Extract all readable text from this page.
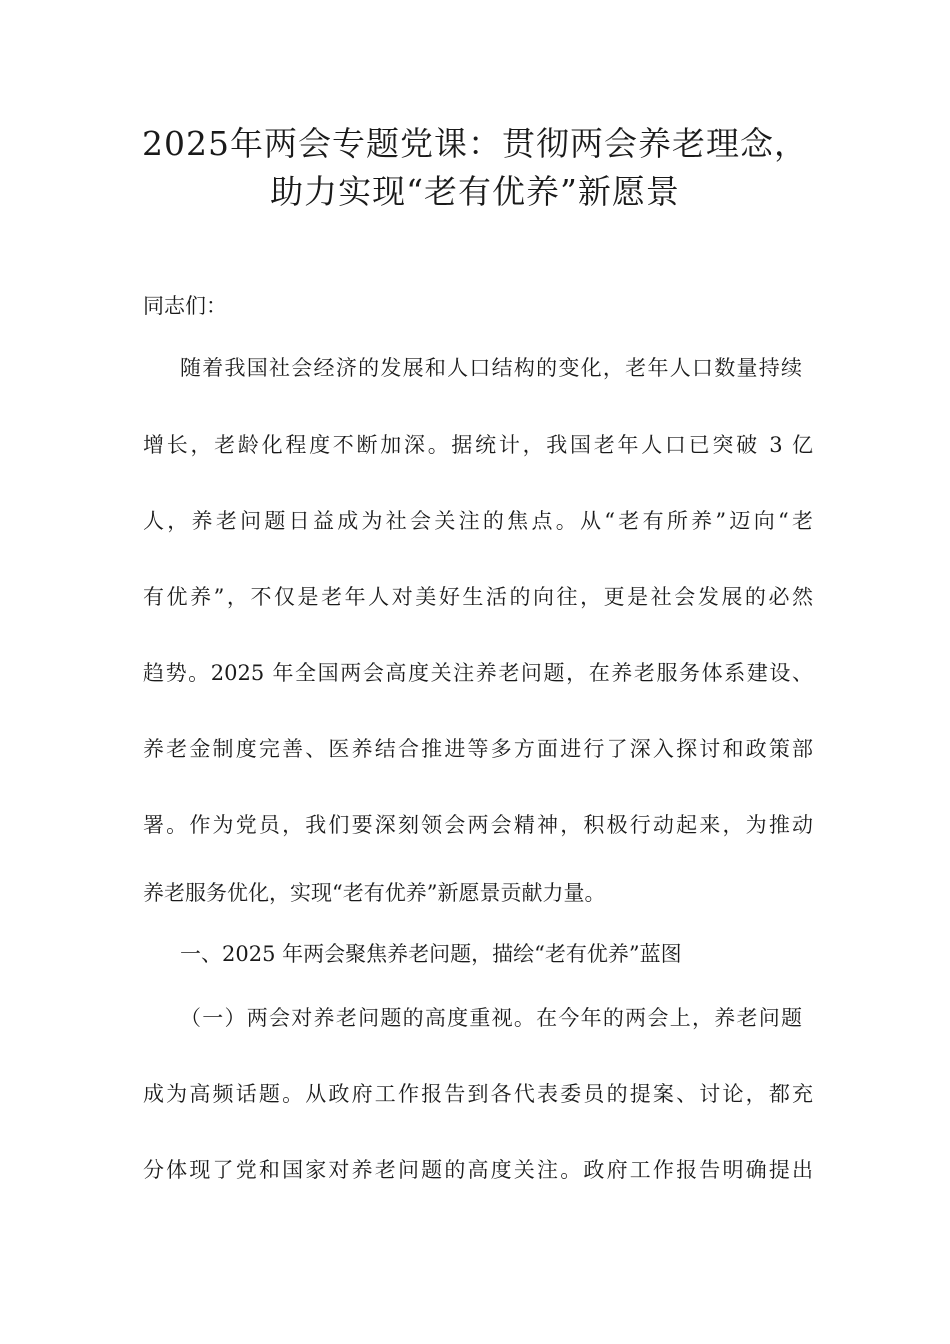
2025年两会专题党课：贯彻两会养老理念，
助力实现“老有优养”新愿景
同志们：
随着我国社会经济的发展和人口结构的变化，老年人口数量持续
增长，老龄化程度不断加深。据统计，我国老年人口已突破 3 亿
人，养老问题日益成为社会关注的焦点。从“老有所养”迈向“老
有优养”，不仅是老年人对美好生活的向往，更是社会发展的必然
趋势。2025 年全国两会高度关注养老问题，在养老服务体系建设、
养老金制度完善、医养结合推进等多方面进行了深入探讨和政策部
署。作为党员，我们要深刻领会两会精神，积极行动起来，为推动
养老服务优化，实现“老有优养”新愿景贡献力量。
一、2025 年两会聚焦养老问题，描绘“老有优养”蓝图
（一）两会对养老问题的高度重视。在今年的两会上，养老问题
成为高频话题。从政府工作报告到各代表委员的提案、讨论，都充
分体现了党和国家对养老问题的高度关注。政府工作报告明确提出
